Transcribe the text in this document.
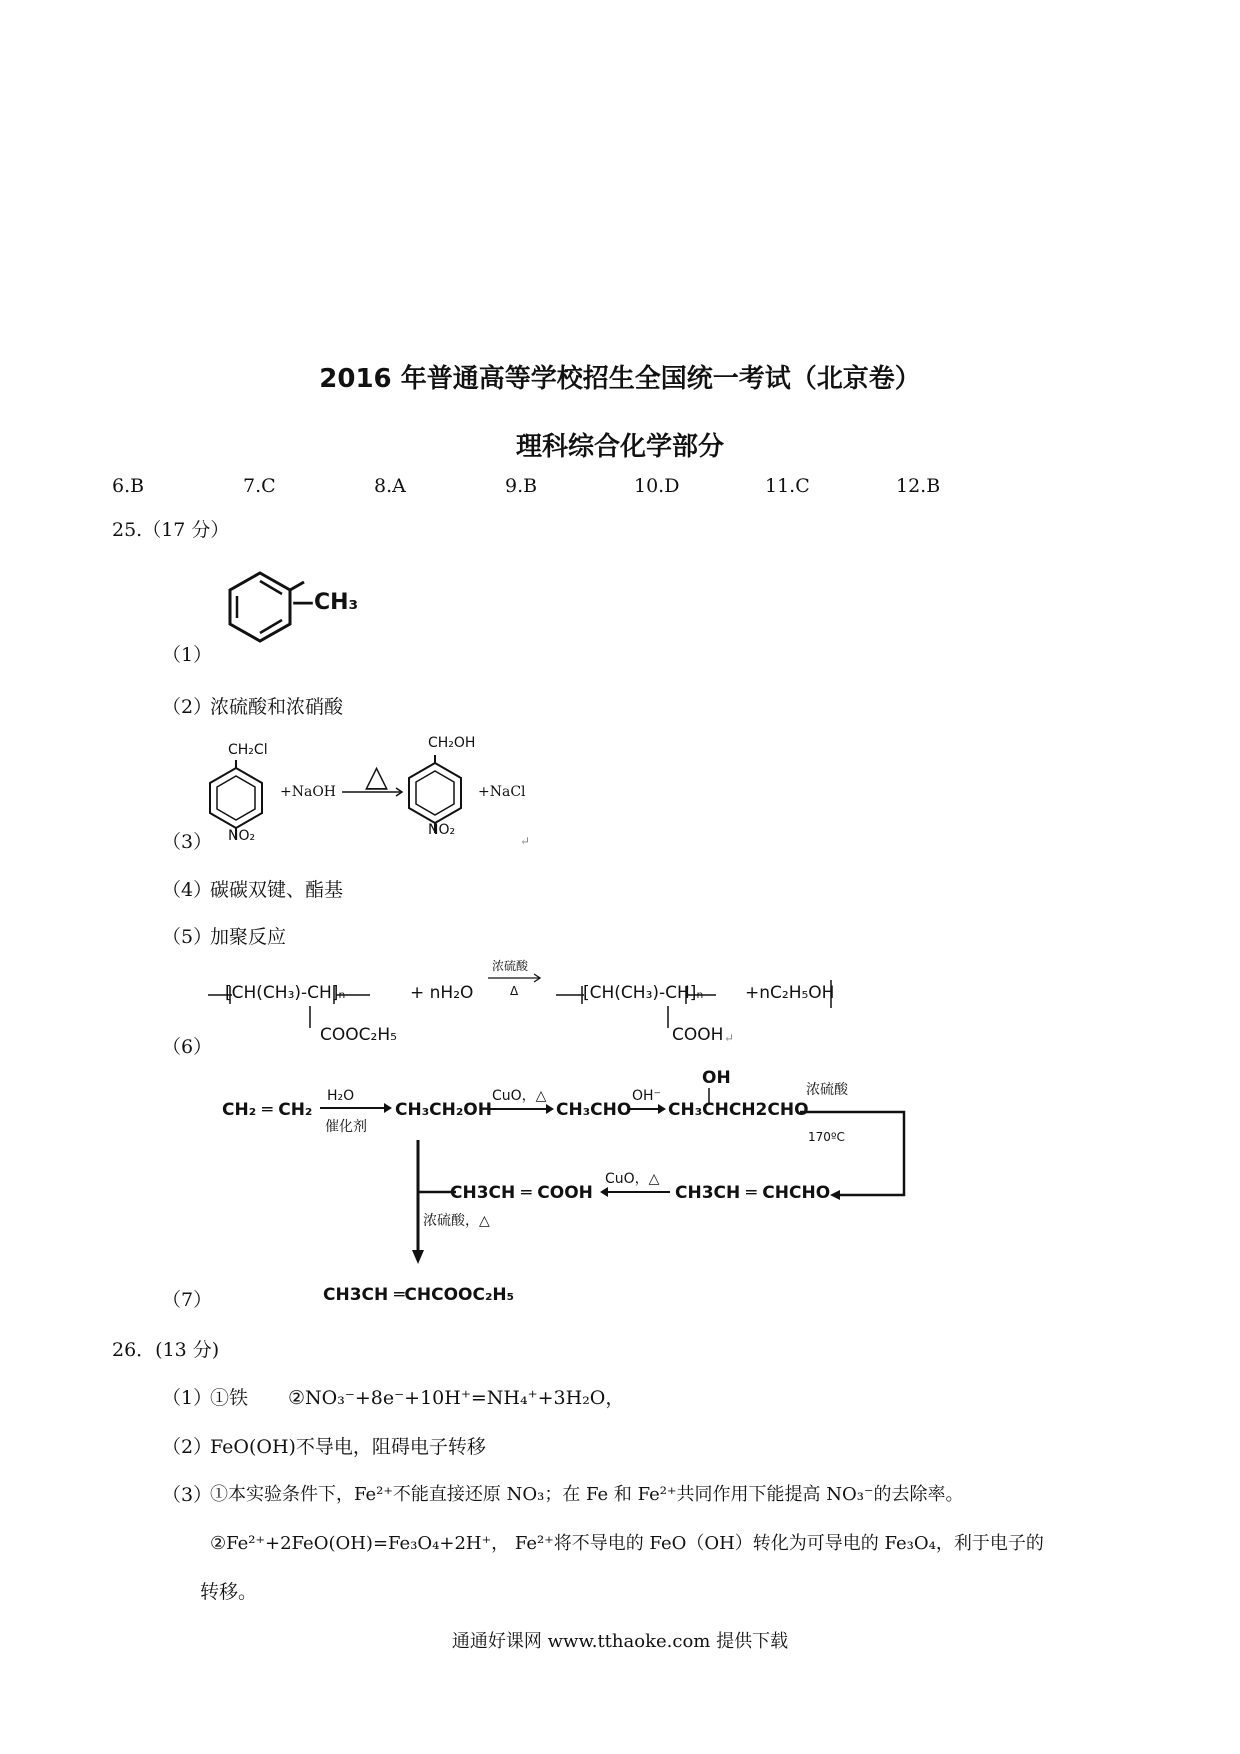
2016 年普通高等学校招生全国统一考试（北京卷）
理科综合化学部分
6.B	7.C	8.A	9.B	10.D	11.C	12.B
25.（17 分）
—CH₃
（1）
（2）
浓硫酸和浓硝酸
CH₂Cl
NO₂
+NaOH △
CH₂OH
NO₂
+NaCl
↵
（3）
（4）
碳碳双键、酯基
（5）
加聚反应
[CH(CH₃)-CH]ₙ
COOC₂H₅
+ nH₂O
浓硫酸
Δ	[CH(CH₃)-CH]ₙ
COOH ↵
+nC₂H₅OH
（6）
CH₂ ═ CH₂
H₂O
催化剂
CH₃CH₂OH
CuO，△
CH₃CHO
OH⁻
OH
CH₃CHCH2CHO
浓硫酸
170ºC
CH3CH ═ CHCHO
CuO，△
CH3CH ═ COOH
浓硫酸，△
CH3CH ═CHCOOC₂H₅
（7）
26．(13 分)
（1）
①铁 ②NO₃⁻+8e⁻+10H⁺=NH₄⁺+3H₂O，
（2）
FeO(OH)不导电，阻碍电子转移
（3）
①本实验条件下，Fe²⁺不能直接还原 NO₃；在 Fe 和 Fe²⁺共同作用下能提高 NO₃⁻的去除率。
②Fe²⁺+2FeO(OH)=Fe₃O₄+2H⁺， Fe²⁺将不导电的 FeO（OH）转化为可导电的 Fe₃O₄，利于电子的
转移。
通通好课网 www.tthaoke.com 提供下载
